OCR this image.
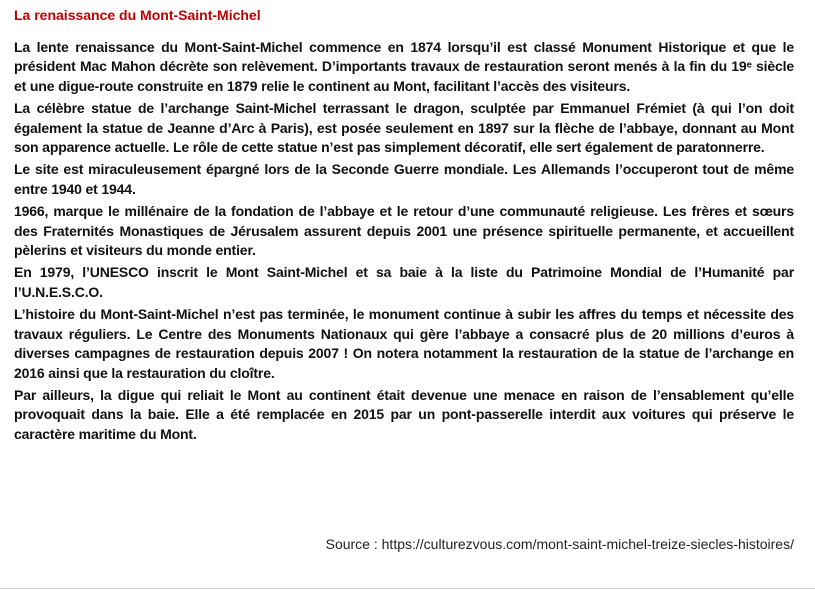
La renaissance du Mont-Saint-Michel

La lente renaissance du Mont-Saint-Michel commence en 1874 lorsqu’il est classé Monument Historique et que le président Mac Mahon décrète son relèvement. D’importants travaux de restauration seront menés à la fin du 19ᵉ siècle et une digue-route construite en 1879 relie le continent au Mont, facilitant l’accès des visiteurs.

La célèbre statue de l’archange Saint-Michel terrassant le dragon, sculptée par Emmanuel Frémiet (à qui l’on doit également la statue de Jeanne d’Arc à Paris), est posée seulement en 1897 sur la flèche de l’abbaye, donnant au Mont son apparence actuelle. Le rôle de cette statue n’est pas simplement décoratif, elle sert également de paratonnerre.

Le site est miraculeusement épargné lors de la Seconde Guerre mondiale. Les Allemands l’occuperont tout de même entre 1940 et 1944.

1966, marque le millénaire de la fondation de l’abbaye et le retour d’une communauté religieuse. Les frères et sœurs des Fraternités Monastiques de Jérusalem assurent depuis 2001 une présence spirituelle permanente, et accueillent pèlerins et visiteurs du monde entier.

En 1979, l’UNESCO inscrit le Mont Saint-Michel et sa baie à la liste du Patrimoine Mondial de l’Humanité par l’U.N.E.S.C.O.

L’histoire du Mont-Saint-Michel n’est pas terminée, le monument continue à subir les affres du temps et nécessite des travaux réguliers. Le Centre des Monuments Nationaux qui gère l’abbaye a consacré plus de 20 millions d’euros à diverses campagnes de restauration depuis 2007 ! On notera notamment la restauration de la statue de l’archange en 2016 ainsi que la restauration du cloître.

Par ailleurs, la digue qui reliait le Mont au continent était devenue une menace en raison de l’ensablement qu’elle provoquait dans la baie. Elle a été remplacée en 2015 par un pont-passerelle interdit aux voitures qui préserve le caractère maritime du Mont.

Source : https://culturezvous.com/mont-saint-michel-treize-siecles-histoires/
